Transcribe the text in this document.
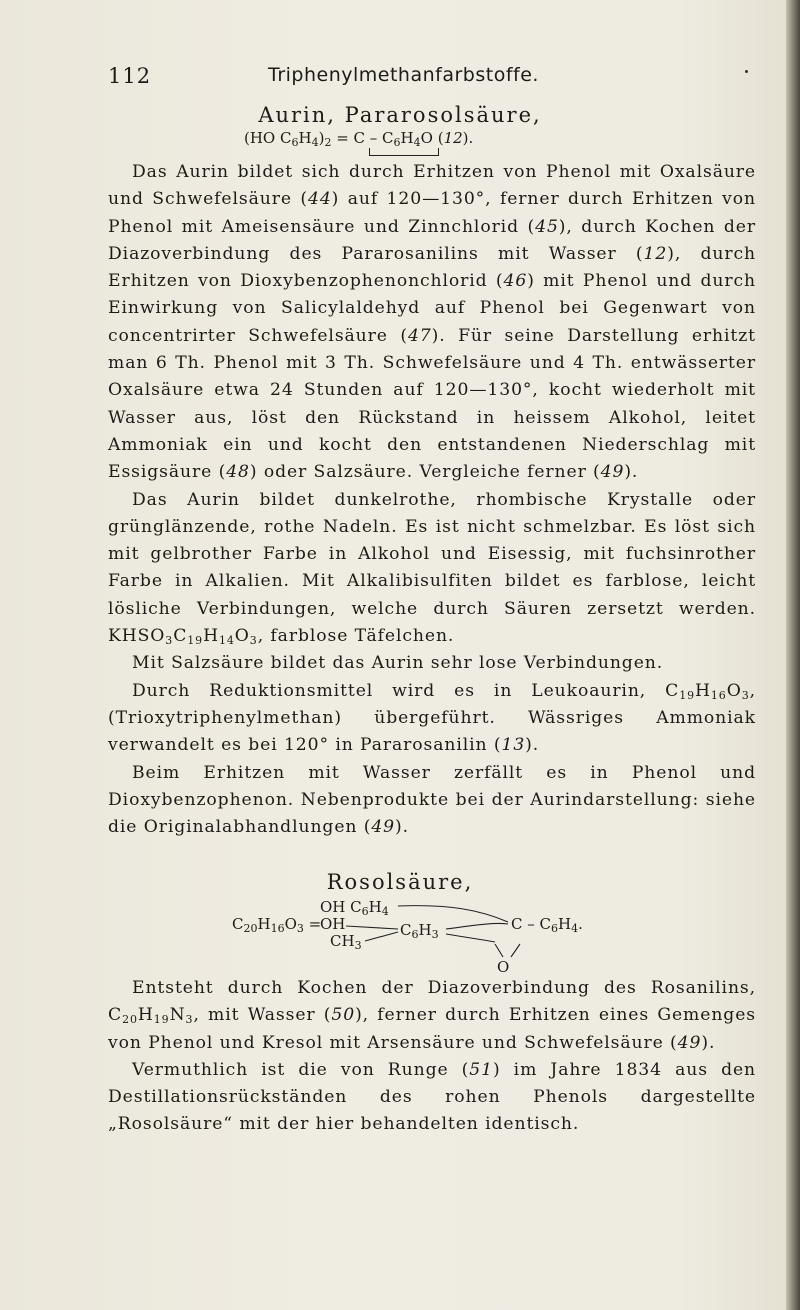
112	Triphenylmethanfarbstoffe.
Aurin, Pararosolsäure,
(HO $C_6H_4)_2 = C - C_6H_4O$ (12).

Das Aurin bildet sich durch Erhitzen von Phenol mit Oxalsäure und Schwefelsäure (44) auf 120—130°, ferner durch Erhitzen von Phenol mit Ameisensäure und Zinnchlorid (45), durch Kochen der Diazoverbindung des Pararosanilins mit Wasser (12), durch Erhitzen von Dioxybenzophenonchlorid (46) mit Phenol und durch Einwirkung von Salicylaldehyd auf Phenol bei Gegenwart von concentrirter Schwefelsäure (47). Für seine Darstellung erhitzt man 6 Th. Phenol mit 3 Th. Schwefelsäure und 4 Th. entwässerter Oxalsäure etwa 24 Stunden auf 120—130°, kocht wiederholt mit Wasser aus, löst den Rückstand in heissem Alkohol, leitet Ammoniak ein und kocht den entstandenen Niederschlag mit Essigsäure (48) oder Salzsäure. Vergleiche ferner (49).

Das Aurin bildet dunkelrothe, rhombische Krystalle oder grünglänzende, rothe Nadeln. Es ist nicht schmelzbar. Es löst sich mit gelbrother Farbe in Alkohol und Eisessig, mit fuchsinrother Farbe in Alkalien. Mit Alkalibisulfiten bildet es farblose, leicht lösliche Verbindungen, welche durch Säuren zersetzt werden. $KHSO_3C_{19}H_{14}O_3$, farblose Täfelchen.

Mit Salzsäure bildet das Aurin sehr lose Verbindungen.

Durch Reduktionsmittel wird es in Leukoaurin, $C_{19}H_{16}O_3$, (Trioxytriphenylmethan) übergeführt. Wässriges Ammoniak verwandelt es bei 120° in Pararosanilin (13).

Beim Erhitzen mit Wasser zerfällt es in Phenol und Dioxybenzophenon. Nebenprodukte bei der Aurindarstellung: siehe die Originalabhandlungen (49).

Rosolsäure,
$C_{20}H_{16}O_3$ =
OH $C_6H_4$
OH
$CH_3$
$C_6H_3$
C – $C_6H_4$.
O

Entsteht durch Kochen der Diazoverbindung des Rosanilins, $C_{20}H_{19}N_3$, mit Wasser (50), ferner durch Erhitzen eines Gemenges von Phenol und Kresol mit Arsensäure und Schwefelsäure (49).

Vermuthlich ist die von Runge (51) im Jahre 1834 aus den Destillationsrückständen des rohen Phenols dargestellte „Rosolsäure“ mit der hier behandelten identisch.
